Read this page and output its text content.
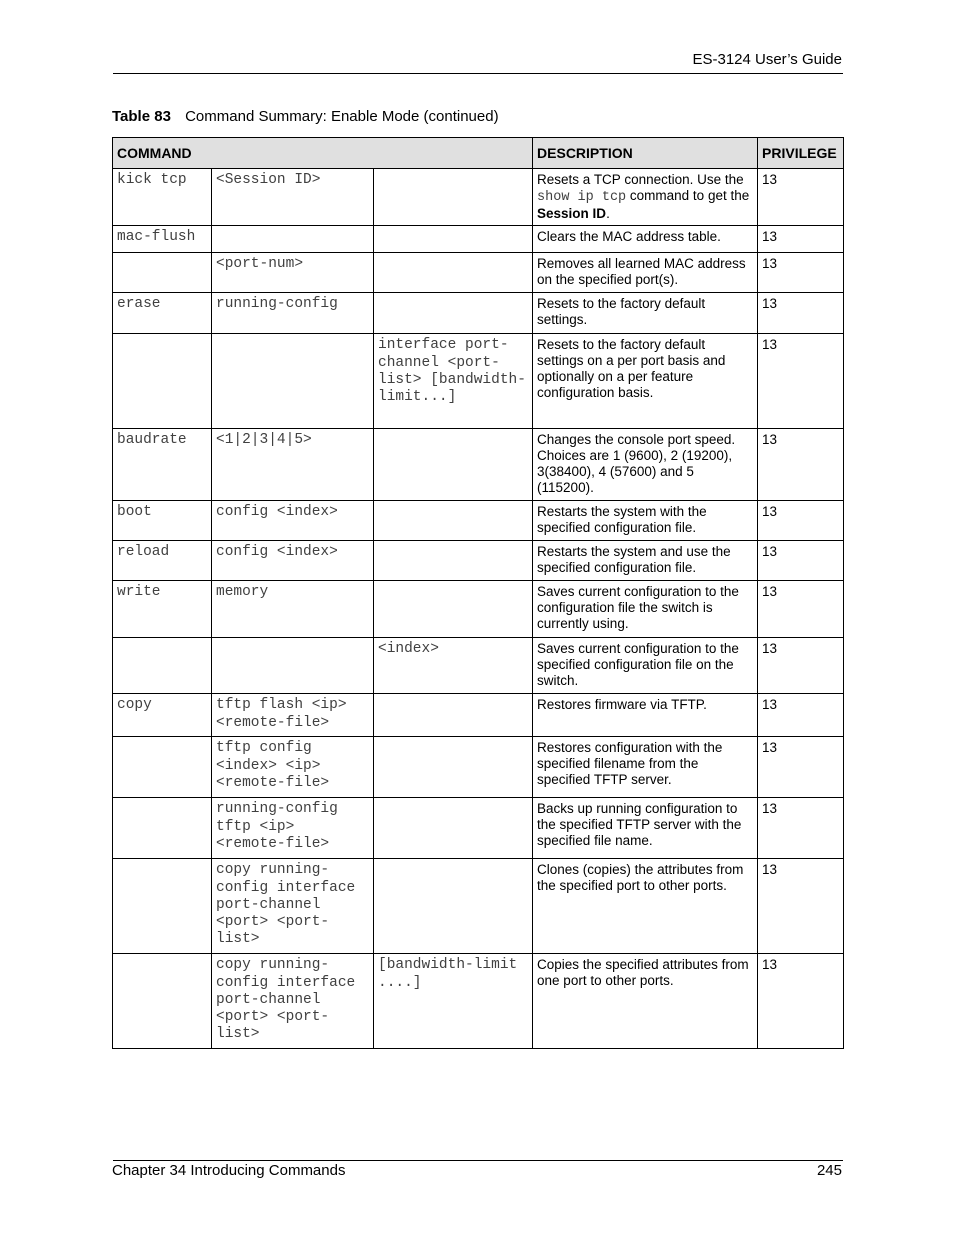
ES-3124 User’s Guide
Table 83 Command Summary: Enable Mode (continued)
COMMAND			DESCRIPTION	PRIVILEGE
kick tcp	<Session ID>		Resets a TCP connection. Use the show ip tcp command to get the Session ID.	13
mac-flush			Clears the MAC address table.	13
	<port-num>		Removes all learned MAC address on the specified port(s).	13
erase	running-config		Resets to the factory default settings.	13
		interface port-channel <port-list> [bandwidth-limit...]	Resets to the factory default settings on a per port basis and optionally on a per feature configuration basis.	13
baudrate	<1|2|3|4|5>		Changes the console port speed. Choices are 1 (9600), 2 (19200), 3(38400), 4 (57600) and 5 (115200).	13
boot	config <index>		Restarts the system with the specified configuration file.	13
reload	config <index>		Restarts the system and use the specified configuration file.	13
write	memory		Saves current configuration to the configuration file the switch is currently using.	13
		<index>	Saves current configuration to the specified configuration file on the switch.	13
copy	tftp flash <ip> <remote-file>		Restores firmware via TFTP.	13
	tftp config <index> <ip> <remote-file>		Restores configuration with the specified filename from the specified TFTP server.	13
	running-config tftp <ip> <remote-file>		Backs up running configuration to the specified TFTP server with the specified file name.	13
	copy running-config interface port-channel <port> <port-list>		Clones (copies) the attributes from the specified port to other ports.	13
	copy running-config interface port-channel <port> <port-list>	[bandwidth-limit ....]	Copies the specified attributes from one port to other ports.	13
Chapter 34 Introducing Commands	245
